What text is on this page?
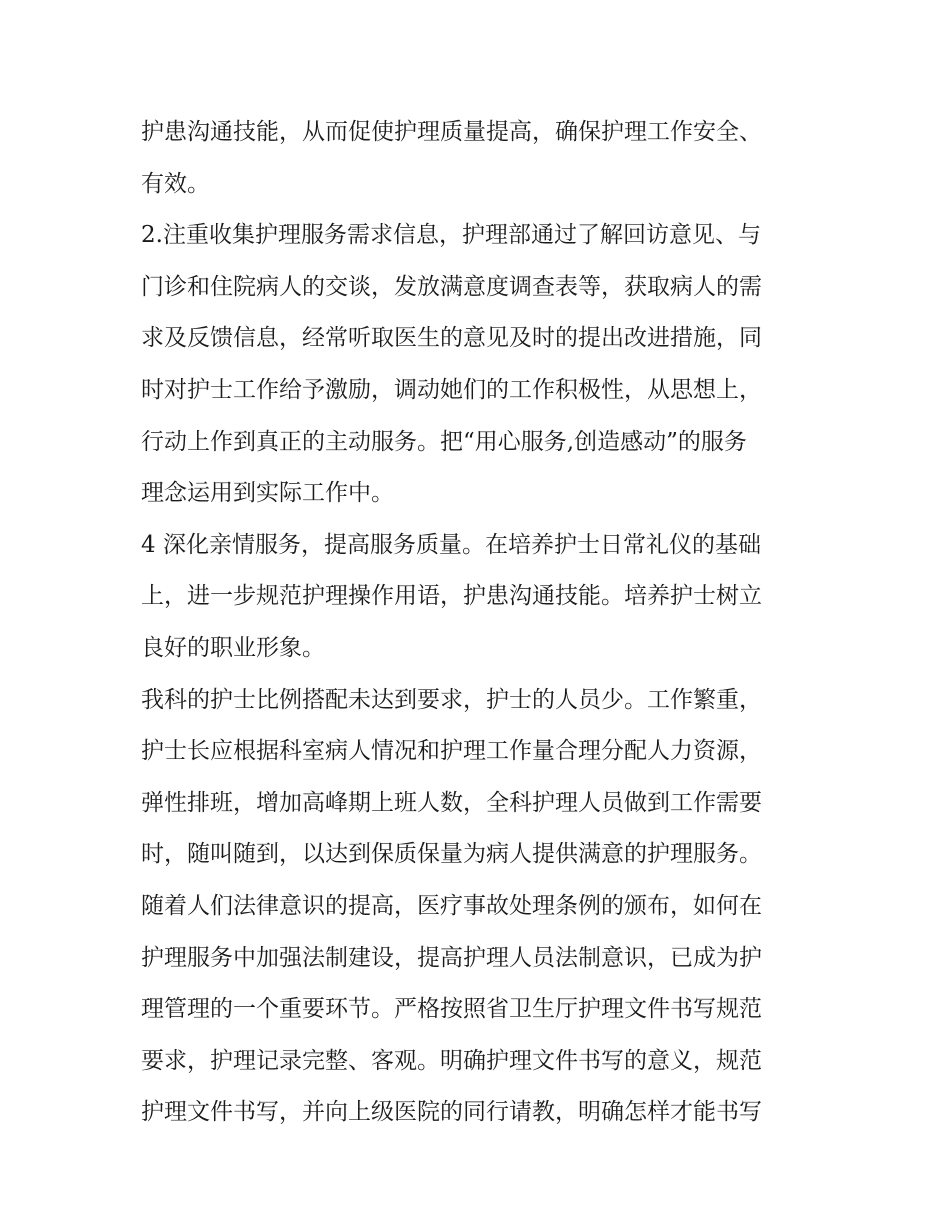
护患沟通技能，从而促使护理质量提高，确保护理工作安全、
有效。
2.注重收集护理服务需求信息，护理部通过了解回访意见、与
门诊和住院病人的交谈，发放满意度调查表等，获取病人的需
求及反馈信息，经常听取医生的意见及时的提出改进措施，同
时对护士工作给予激励，调动她们的工作积极性，从思想上，
行动上作到真正的主动服务。把“用心服务,创造感动”的服务
理念运用到实际工作中。
4 深化亲情服务，提高服务质量。在培养护士日常礼仪的基础
上，进一步规范护理操作用语，护患沟通技能。培养护士树立
良好的职业形象。
我科的护士比例搭配未达到要求，护士的人员少。工作繁重，
护士长应根据科室病人情况和护理工作量合理分配人力资源，
弹性排班，增加高峰期上班人数，全科护理人员做到工作需要
时，随叫随到，以达到保质保量为病人提供满意的护理服务。
随着人们法律意识的提高，医疗事故处理条例的颁布，如何在
护理服务中加强法制建设，提高护理人员法制意识，已成为护
理管理的一个重要环节。严格按照省卫生厅护理文件书写规范
要求，护理记录完整、客观。明确护理文件书写的意义，规范
护理文件书写，并向上级医院的同行请教，明确怎样才能书写
